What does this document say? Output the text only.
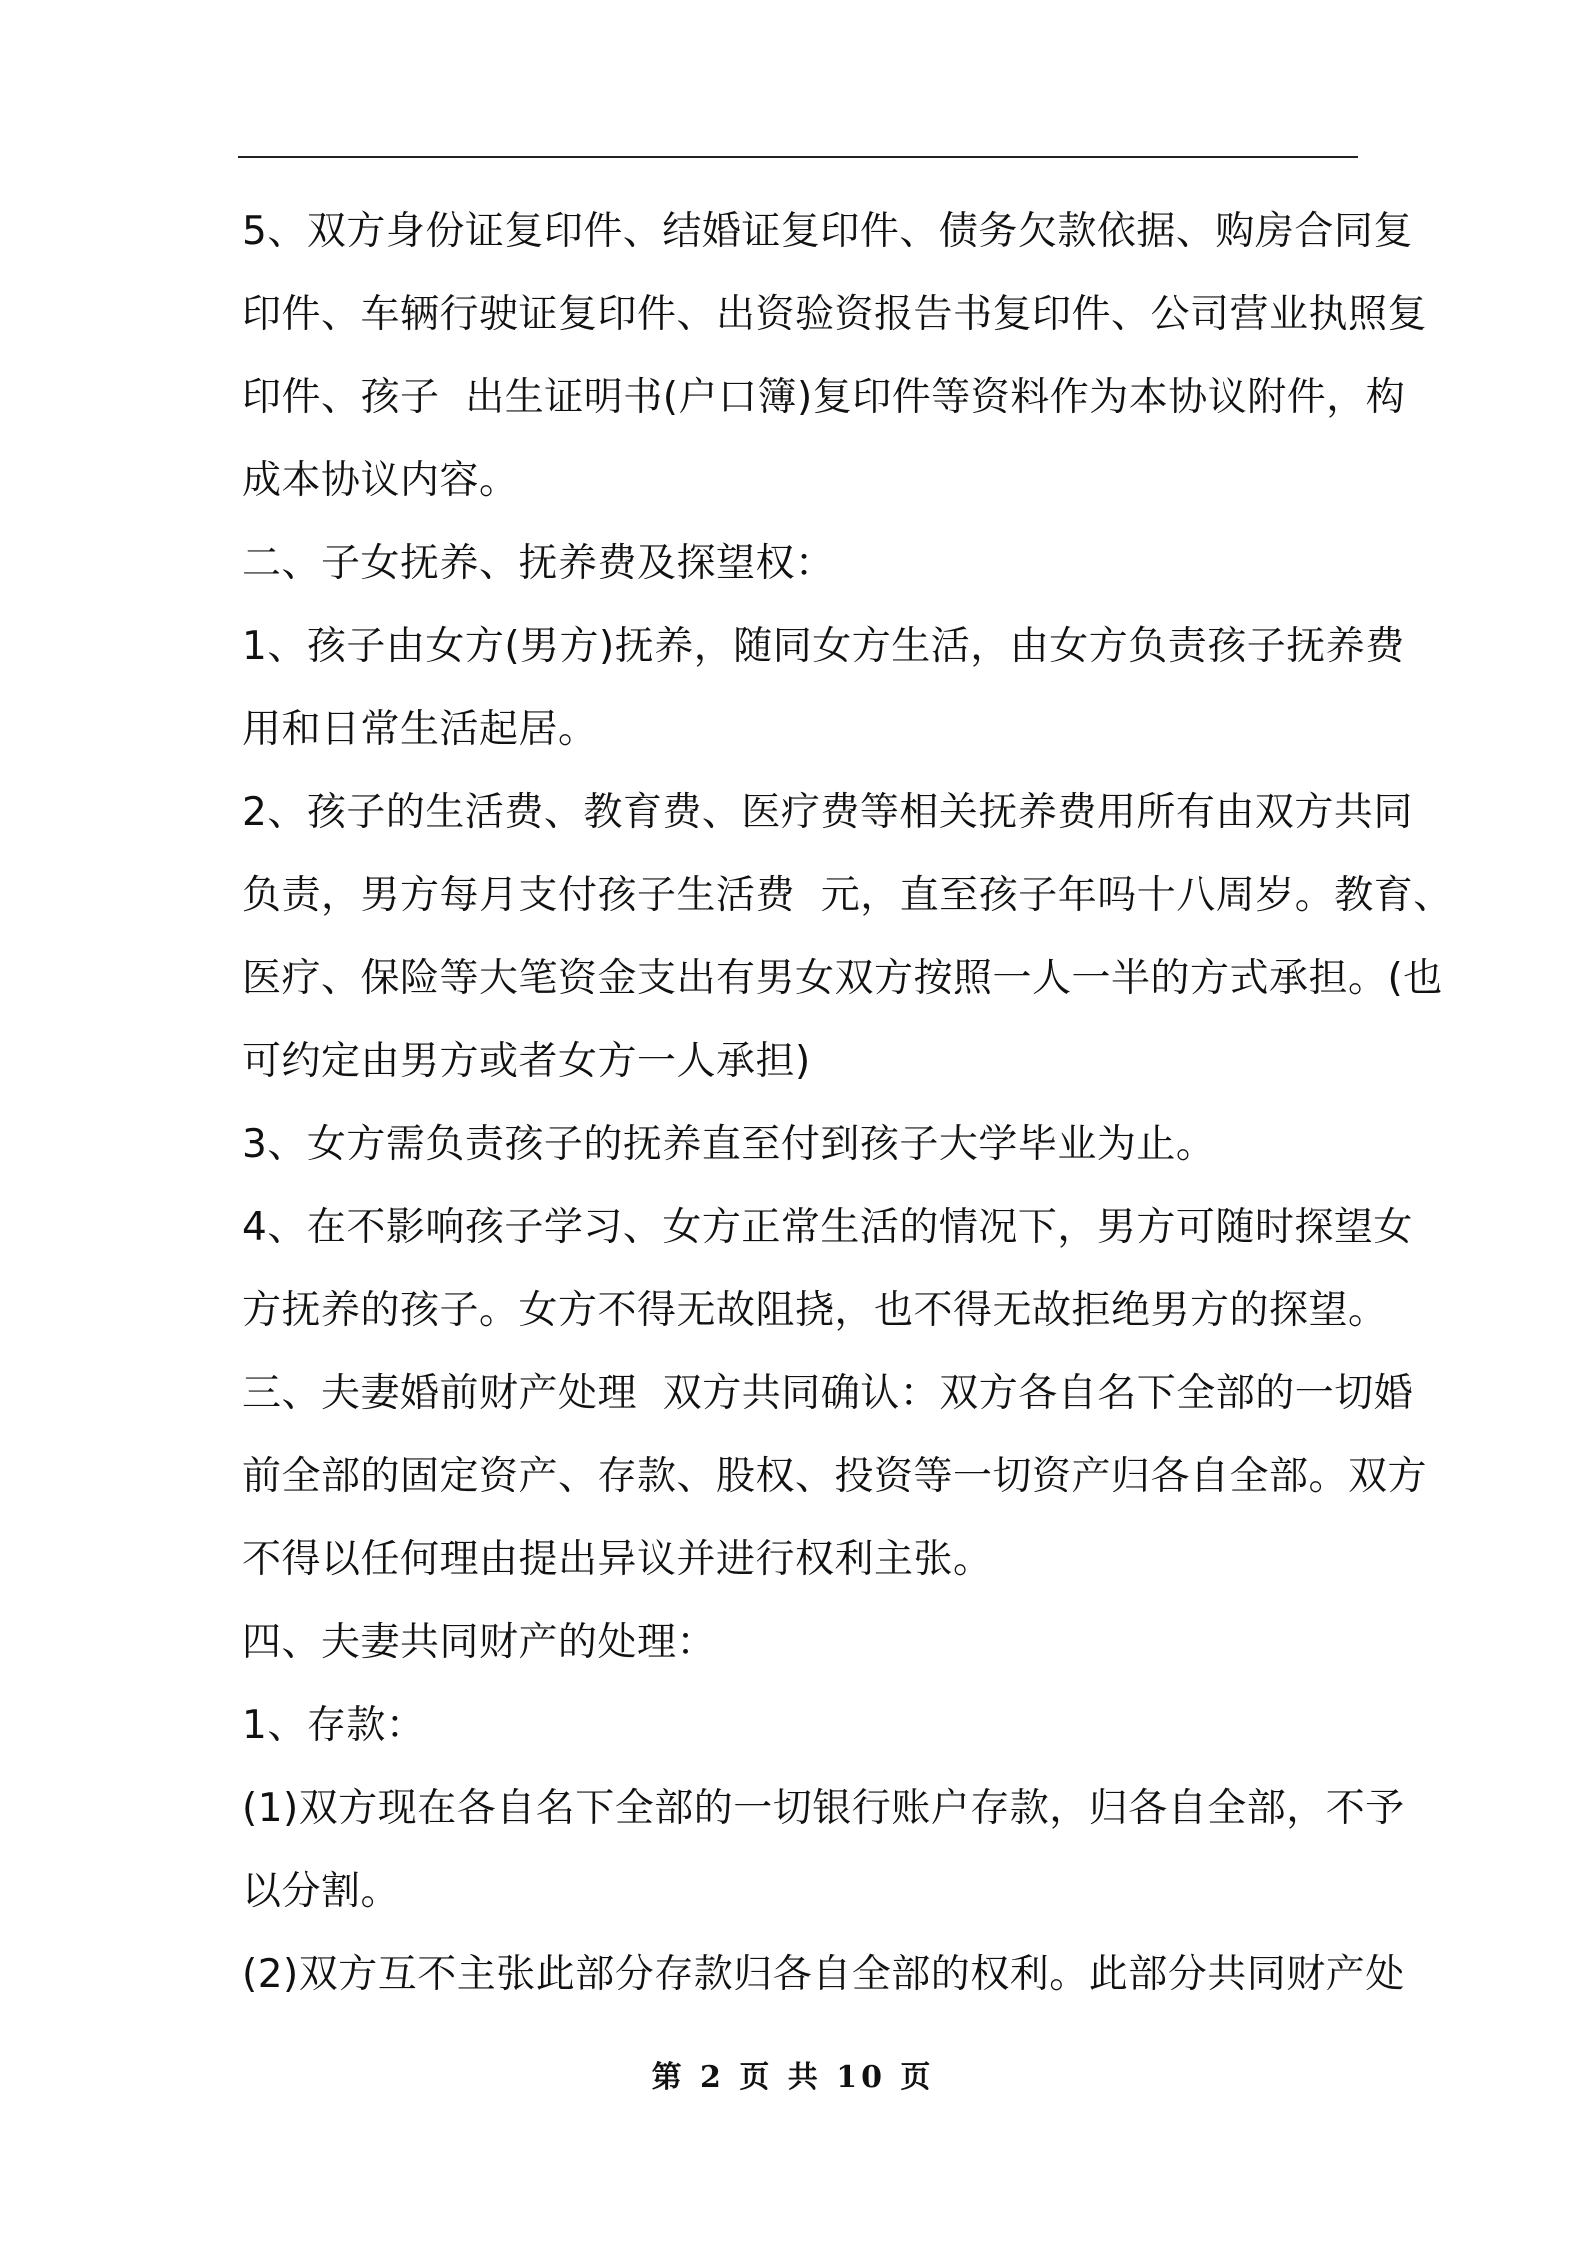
5、双方身份证复印件、结婚证复印件、债务欠款依据、购房合同复
印件、车辆行驶证复印件、出资验资报告书复印件、公司营业执照复
印件、孩子  出生证明书(户口簿)复印件等资料作为本协议附件，构
成本协议内容。
二、子女抚养、抚养费及探望权：
1、孩子由女方(男方)抚养，随同女方生活，由女方负责孩子抚养费
用和日常生活起居。
2、孩子的生活费、教育费、医疗费等相关抚养费用所有由双方共同
负责，男方每月支付孩子生活费  元，直至孩子年吗十八周岁。教育、
医疗、保险等大笔资金支出有男女双方按照一人一半的方式承担。(也
可约定由男方或者女方一人承担)
3、女方需负责孩子的抚养直至付到孩子大学毕业为止。
4、在不影响孩子学习、女方正常生活的情况下，男方可随时探望女
方抚养的孩子。女方不得无故阻挠，也不得无故拒绝男方的探望。
三、夫妻婚前财产处理  双方共同确认：双方各自名下全部的一切婚
前全部的固定资产、存款、股权、投资等一切资产归各自全部。双方
不得以任何理由提出异议并进行权利主张。
四、夫妻共同财产的处理：
1、存款：
(1)双方现在各自名下全部的一切银行账户存款，归各自全部，不予
以分割。
(2)双方互不主张此部分存款归各自全部的权利。此部分共同财产处
第 2 页 共 10 页
